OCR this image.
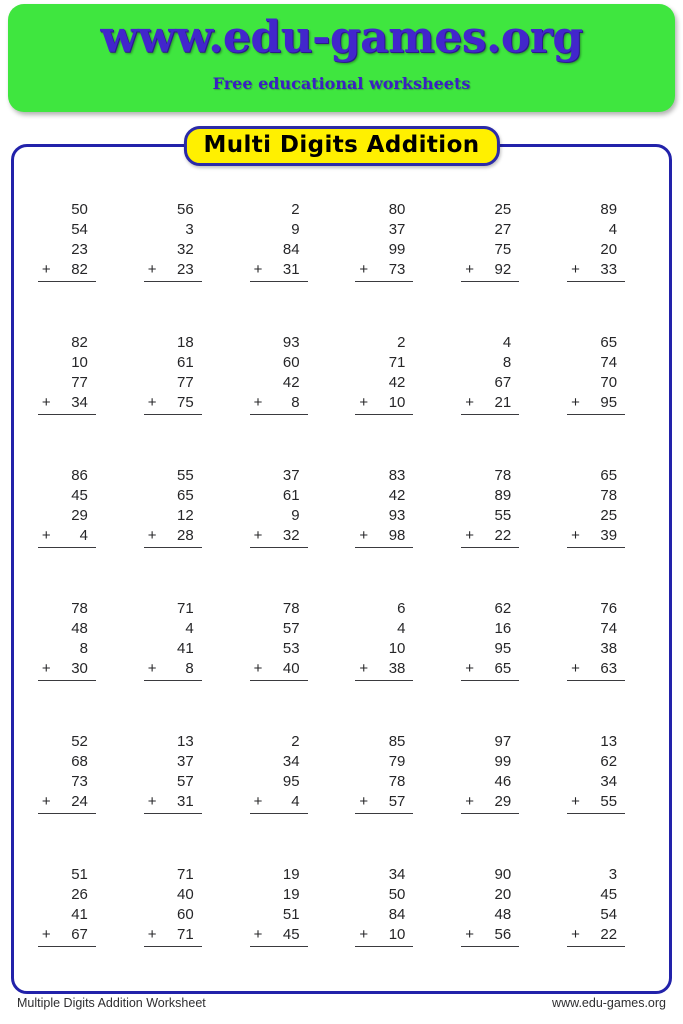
www.edu-games.org
Free educational worksheets
Multi Digits Addition
50
54
23
+ 82
56
3
32
+ 23
2
9
84
+ 31
80
37
99
+ 73
25
27
75
+ 92
89
4
20
+ 33
82
10
77
+ 34
18
61
77
+ 75
93
60
42
+ 8
2
71
42
+ 10
4
8
67
+ 21
65
74
70
+ 95
86
45
29
+ 4
55
65
12
+ 28
37
61
9
+ 32
83
42
93
+ 98
78
89
55
+ 22
65
78
25
+ 39
78
48
8
+ 30
71
4
41
+ 8
78
57
53
+ 40
6
4
10
+ 38
62
16
95
+ 65
76
74
38
+ 63
52
68
73
+ 24
13
37
57
+ 31
2
34
95
+ 4
85
79
78
+ 57
97
99
46
+ 29
13
62
34
+ 55
51
26
41
+ 67
71
40
60
+ 71
19
19
51
+ 45
34
50
84
+ 10
90
20
48
+ 56
3
45
54
+ 22
Multiple Digits Addition Worksheet	www.edu-games.org
